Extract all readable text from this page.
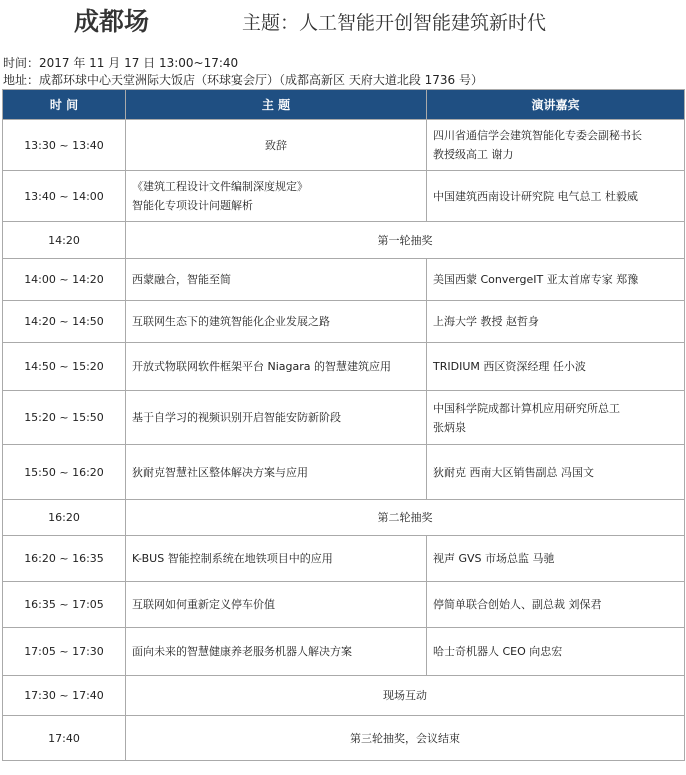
成都场	主题：人工智能开创智能建筑新时代
时间：2017 年 11 月 17 日 13:00~17:40
地址：成都环球中心天堂洲际大饭店（环球宴会厅）（成都高新区 天府大道北段 1736 号）
时 间	主 题	演讲嘉宾
13:30 ~ 13:40	致辞	四川省通信学会建筑智能化专委会副秘书长
教授级高工 谢力

13:40 ~ 14:00	《建筑工程设计文件编制深度规定》
智能化专项设计问题解析	中国建筑西南设计研究院 电气总工 杜毅威

14:20	第一轮抽奖	
14:00 ~ 14:20	西蒙融合，智能至简	美国西蒙 ConvergeIT 亚太首席专家 郑豫

14:20 ~ 14:50	互联网生态下的建筑智能化企业发展之路	上海大学 教授 赵哲身

14:50 ~ 15:20	开放式物联网软件框架平台 Niagara 的智慧建筑应用	TRIDIUM 西区资深经理 任小波

15:20 ~ 15:50	基于自学习的视频识别开启智能安防新阶段	中国科学院成都计算机应用研究所总工
张炳泉

15:50 ~ 16:20	狄耐克智慧社区整体解决方案与应用	狄耐克 西南大区销售副总 冯国文

16:20	第二轮抽奖	
16:20 ~ 16:35	K-BUS 智能控制系统在地铁项目中的应用	视声 GVS 市场总监 马驰

16:35 ~ 17:05	互联网如何重新定义停车价值	停简单联合创始人、副总裁 刘保君

17:05 ~ 17:30	面向未来的智慧健康养老服务机器人解决方案	哈士奇机器人 CEO 向忠宏

17:30 ~ 17:40	现场互动	
17:40	第三轮抽奖，会议结束	
